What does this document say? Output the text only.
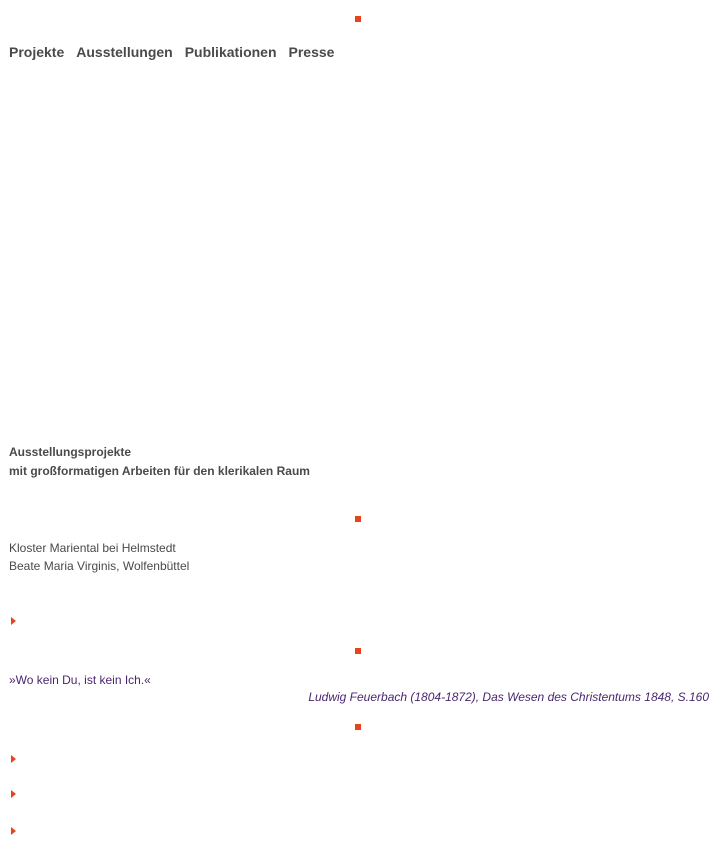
Projekte Ausstellungen Publikationen Presse
Ausstellungsprojekte
mit großformatigen Arbeiten für den klerikalen Raum
Kloster Mariental bei Helmstedt
Beate Maria Virginis, Wolfenbüttel
»Wo kein Du, ist kein Ich.«
Ludwig Feuerbach (1804-1872), Das Wesen des Christentums 1848, S.160
